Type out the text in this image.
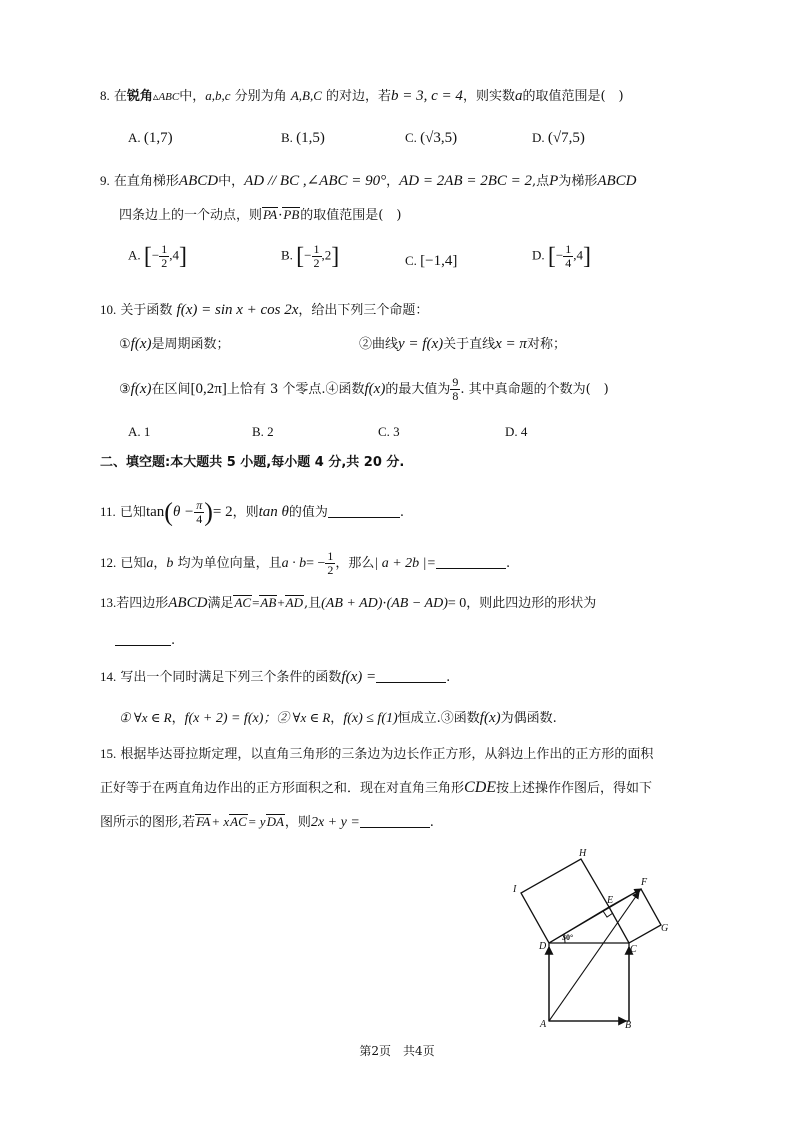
8. 在锐角▵ABC中，a,b,c 分别为角 A,B,C 的对边，若b = 3, c = 4，则实数a的取值范围是(　)
A. (1,7)	B. (1,5)	C. (√3,5)	D. (√7,5)
9. 在直角梯形ABCD中，AD // BC ,∠ABC = 90°，AD = 2AB = 2BC = 2,点P为梯形ABCD
四条边上的一个动点，则PA·PB的取值范围是(　)
A. [− $\frac{1}{2} ,4$]	B. [− $\frac{1}{2} ,2$]	C. [−1,4]	D. [− $\frac{1}{4} ,4$]
10. 关于函数 f(x) = sin x + cos 2x，给出下列三个命题：
①f(x)是周期函数；	②曲线y = f(x)关于直线x = π对称；
③f(x)在区间[0,2π]上恰有 3 个零点.④函数f(x)的最大值为 $\frac{9}{8}$ . 其中真命题的个数为(　)
A. 1	B. 2	C. 3	D. 4
二、填空题:本大题共 5 小题,每小题 4 分,共 20 分.
11. 已知$\tan(\theta - \frac{\pi}{4}$ )= 2，则tan θ的值为	.
12. 已知a，b 均为单位向量，且$a \cdot b= - \frac{1}{2}$ ，那么| a + 2b |=	.
13.若四边形ABCD满足AC=AB+AD,且(AB + AD)·(AB − AD)= 0，则此四边形的形状为
.
14. 写出一个同时满足下列三个条件的函数f(x) =	.
① ∀x ∈ R，f(x + 2) = f(x)；② ∀x ∈ R，f(x) ≤ f(1)恒成立.③函数f(x)为偶函数.
15. 根据毕达哥拉斯定理，以直角三角形的三条边为边长作正方形，从斜边上作出的正方形的面积
正好等于在两直角边作出的正方形面积之和．现在对直角三角形CDE按上述操作作图后，得如下
图所示的图形,若FA+ xAC= yDA，则2x + y =	.
H
I
E
F
G
D	C
A	B
30°
第2页　共4页
